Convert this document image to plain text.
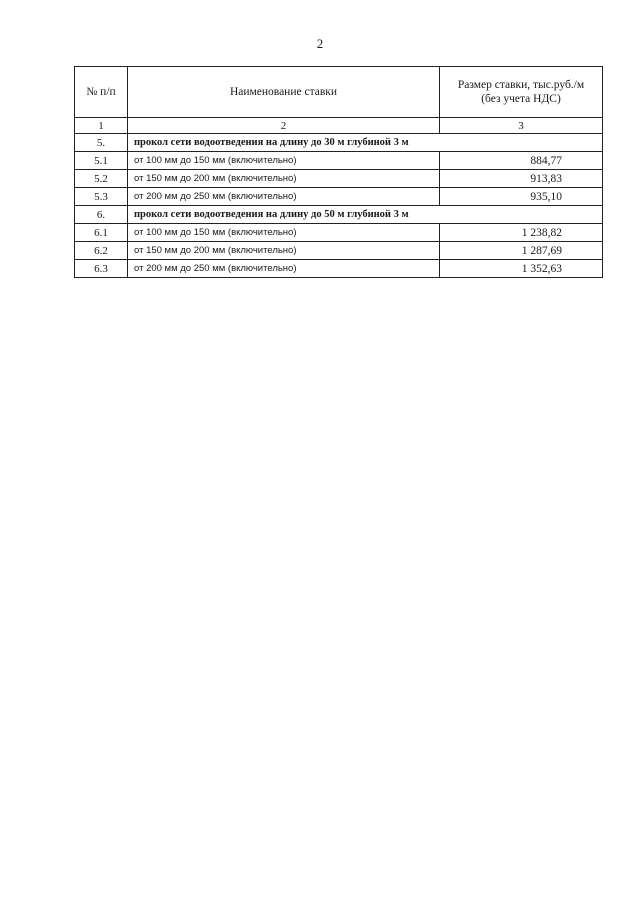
2
№ п/п	Наименование ставки	Размер ставки, тыс.руб./м
(без учета НДС)
1	2	3
5.	прокол сети водоотведения на длину до 30 м глубиной 3 м	
5.1	от 100 мм до 150 мм (включительно)	884,77
5.2	от 150 мм до 200 мм (включительно)	913,83
5.3	от 200 мм до 250 мм (включительно)	935,10
6.	прокол сети водоотведения на длину до 50 м глубиной 3 м	
6.1	от 100 мм до 150 мм (включительно)	1 238,82
6.2	от 150 мм до 200 мм (включительно)	1 287,69
6.3	от 200 мм до 250 мм (включительно)	1 352,63
